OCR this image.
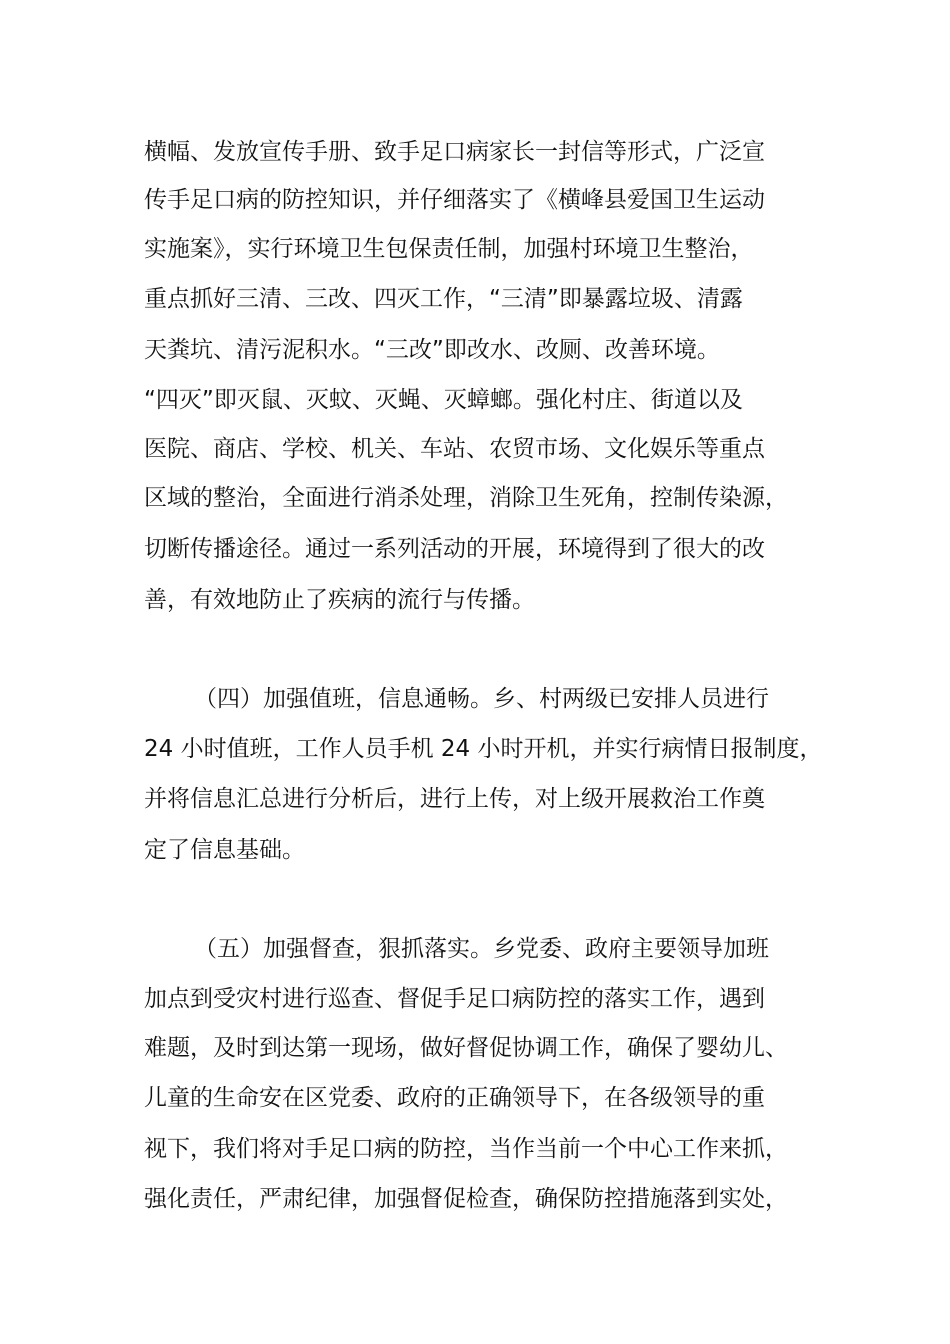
横幅、发放宣传手册、致手足口病家长一封信等形式，广泛宣
传手足口病的防控知识，并仔细落实了《横峰县爱国卫生运动
实施案》，实行环境卫生包保责任制，加强村环境卫生整治，
重点抓好三清、三改、四灭工作，“三清”即暴露垃圾、清露
天粪坑、清污泥积水。“三改”即改水、改厕、改善环境。
“四灭”即灭鼠、灭蚊、灭蝇、灭蟑螂。强化村庄、街道以及
医院、商店、学校、机关、车站、农贸市场、文化娱乐等重点
区域的整治，全面进行消杀处理，消除卫生死角，控制传染源，
切断传播途径。通过一系列活动的开展，环境得到了很大的改
善，有效地防止了疾病的流行与传播。
（四）加强值班，信息通畅。乡、村两级已安排人员进行
24 小时值班，工作人员手机 24 小时开机，并实行病情日报制度，
并将信息汇总进行分析后，进行上传，对上级开展救治工作奠
定了信息基础。
（五）加强督查，狠抓落实。乡党委、政府主要领导加班
加点到受灾村进行巡查、督促手足口病防控的落实工作，遇到
难题，及时到达第一现场，做好督促协调工作，确保了婴幼儿、
儿童的生命安在区党委、政府的正确领导下，在各级领导的重
视下，我们将对手足口病的防控，当作当前一个中心工作来抓，
强化责任，严肃纪律，加强督促检查，确保防控措施落到实处，
